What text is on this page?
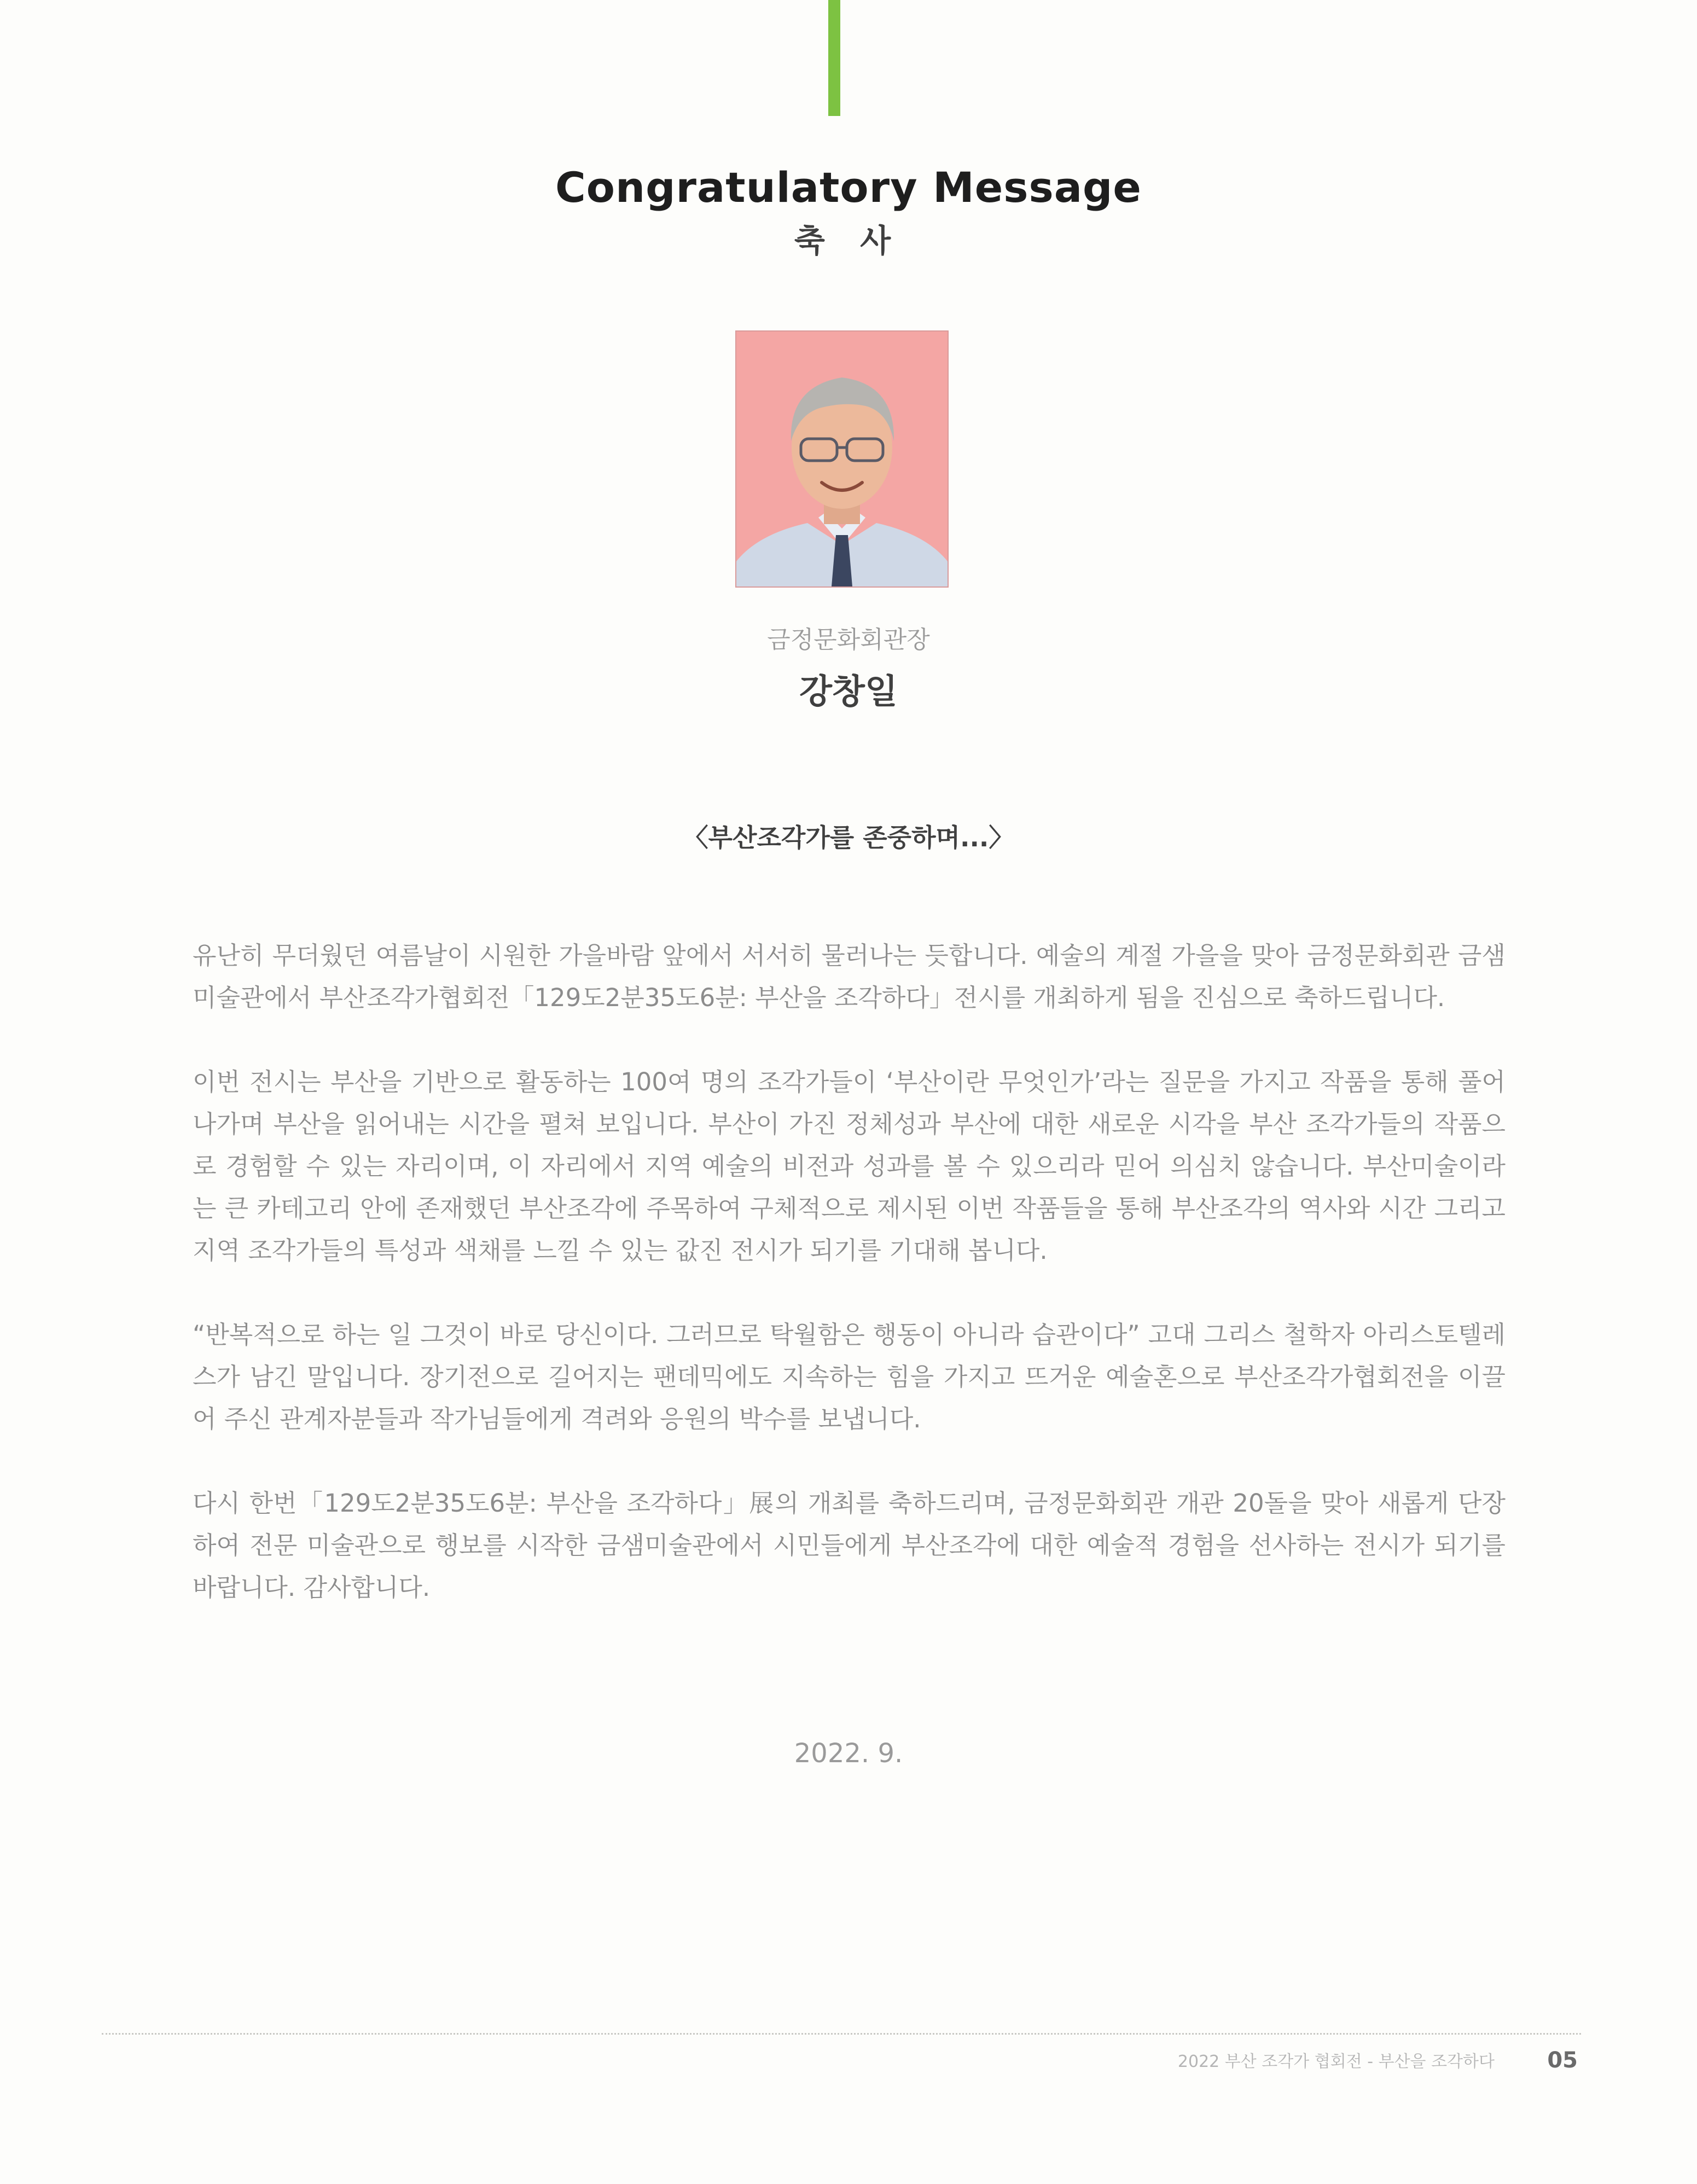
Congratulatory Message
축 사
금정문화회관장
강창일
〈부산조각가를 존중하며...〉

유난히 무더웠던 여름날이 시원한 가을바람 앞에서 서서히 물러나는 듯합니다. 예술의 계절 가을을 맞아 금정문화회관 금샘미술관에서 부산조각가협회전「129도2분35도6분: 부산을 조각하다」전시를 개최하게 됨을 진심으로 축하드립니다.

이번 전시는 부산을 기반으로 활동하는 100여 명의 조각가들이 ‘부산이란 무엇인가’라는 질문을 가지고 작품을 통해 풀어나가며 부산을 읽어내는 시간을 펼쳐 보입니다. 부산이 가진 정체성과 부산에 대한 새로운 시각을 부산 조각가들의 작품으로 경험할 수 있는 자리이며, 이 자리에서 지역 예술의 비전과 성과를 볼 수 있으리라 믿어 의심치 않습니다. 부산미술이라는 큰 카테고리 안에 존재했던 부산조각에 주목하여 구체적으로 제시된 이번 작품들을 통해 부산조각의 역사와 시간 그리고 지역 조각가들의 특성과 색채를 느낄 수 있는 값진 전시가 되기를 기대해 봅니다.

“반복적으로 하는 일 그것이 바로 당신이다. 그러므로 탁월함은 행동이 아니라 습관이다” 고대 그리스 철학자 아리스토텔레스가 남긴 말입니다. 장기전으로 길어지는 팬데믹에도 지속하는 힘을 가지고 뜨거운 예술혼으로 부산조각가협회전을 이끌어 주신 관계자분들과 작가님들에게 격려와 응원의 박수를 보냅니다.

다시 한번「129도2분35도6분: 부산을 조각하다」展의 개최를 축하드리며, 금정문화회관 개관 20돌을 맞아 새롭게 단장하여 전문 미술관으로 행보를 시작한 금샘미술관에서 시민들에게 부산조각에 대한 예술적 경험을 선사하는 전시가 되기를 바랍니다. 감사합니다.

2022. 9.
2022 부산 조각가 협회전 - 부산을 조각하다 05
